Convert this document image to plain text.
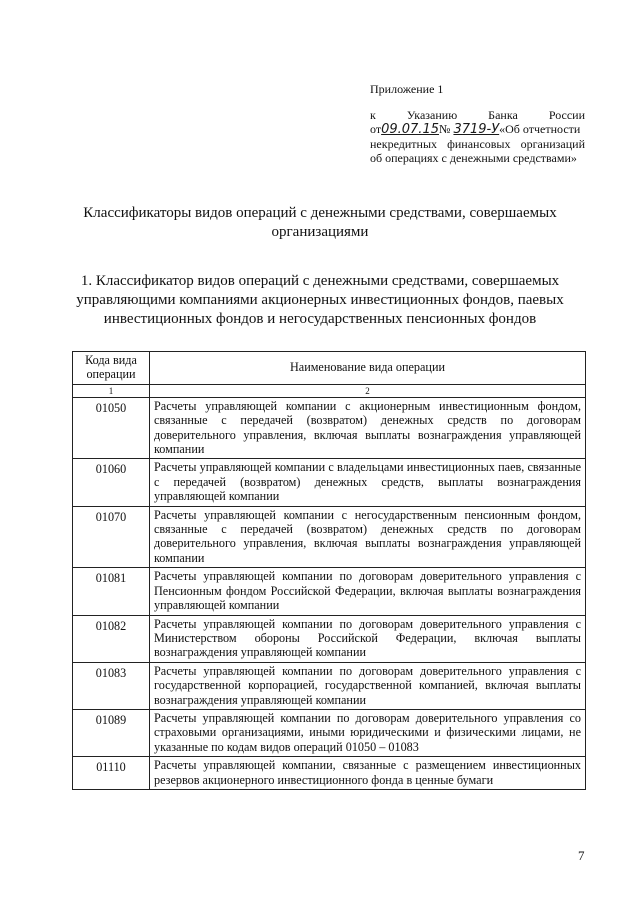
Приложение 1
к Указанию Банка России
от09.07.15№ 3719-У«Об отчетности
некредитных финансовых организаций
об операциях с денежными средствами»
Классификаторы видов операций с денежными средствами, совершаемых организациями
1. Классификатор видов операций с денежными средствами, совершаемых управляющими компаниями акционерных инвестиционных фондов, паевых инвестиционных фондов и негосударственных пенсионных фондов
Кода вида операции	Наименование вида операции
1	2
01050	Расчеты управляющей компании с акционерным инвестиционным фондом, связанные с передачей (возвратом) денежных средств по договорам доверительного управления, включая выплаты вознаграждения управляющей компании
01060	Расчеты управляющей компании с владельцами инвестиционных паев, связанные с передачей (возвратом) денежных средств, выплаты вознаграждения управляющей компании
01070	Расчеты управляющей компании с негосударственным пенсионным фондом, связанные с передачей (возвратом) денежных средств по договорам доверительного управления, включая выплаты вознаграждения управляющей компании
01081	Расчеты управляющей компании по договорам доверительного управления с Пенсионным фондом Российской Федерации, включая выплаты вознаграждения управляющей компании
01082	Расчеты управляющей компании по договорам доверительного управления с Министерством обороны Российской Федерации, включая выплаты вознаграждения управляющей компании
01083	Расчеты управляющей компании по договорам доверительного управления с государственной корпорацией, государственной компанией, включая выплаты вознаграждения управляющей компании
01089	Расчеты управляющей компании по договорам доверительного управления со страховыми организациями, иными юридическими и физическими лицами, не указанные по кодам видов операций 01050 – 01083
01110	Расчеты управляющей компании, связанные с размещением инвестиционных резервов акционерного инвестиционного фонда в ценные бумаги
7
